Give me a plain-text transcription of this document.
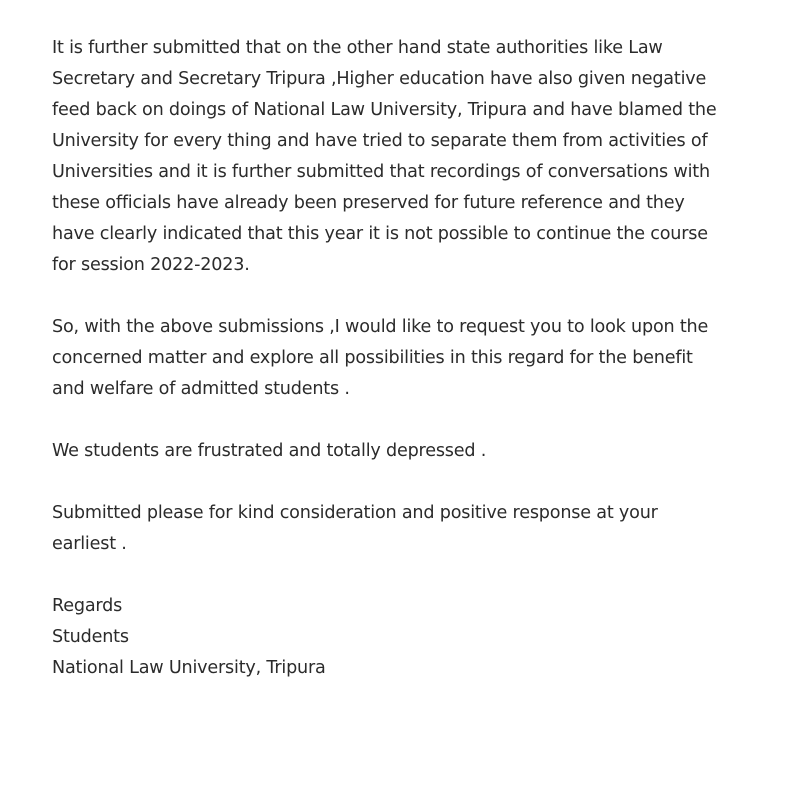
It is further submitted that on the other hand state authorities like Law
Secretary and Secretary Tripura ,Higher education have also given negative
feed back on doings of National Law University, Tripura and have blamed the
University for every thing and have tried to separate them from activities of
Universities and it is further submitted that recordings of conversations with
these officials have already been preserved for future reference and they
have clearly indicated that this year it is not possible to continue the course
for session 2022-2023.
So, with the above submissions ,I would like to request you to look upon the
concerned matter and explore all possibilities in this regard for the benefit
and welfare of admitted students .
We students are frustrated and totally depressed .
Submitted please for kind consideration and positive response at your
earliest .
Regards
Students
National Law University, Tripura
